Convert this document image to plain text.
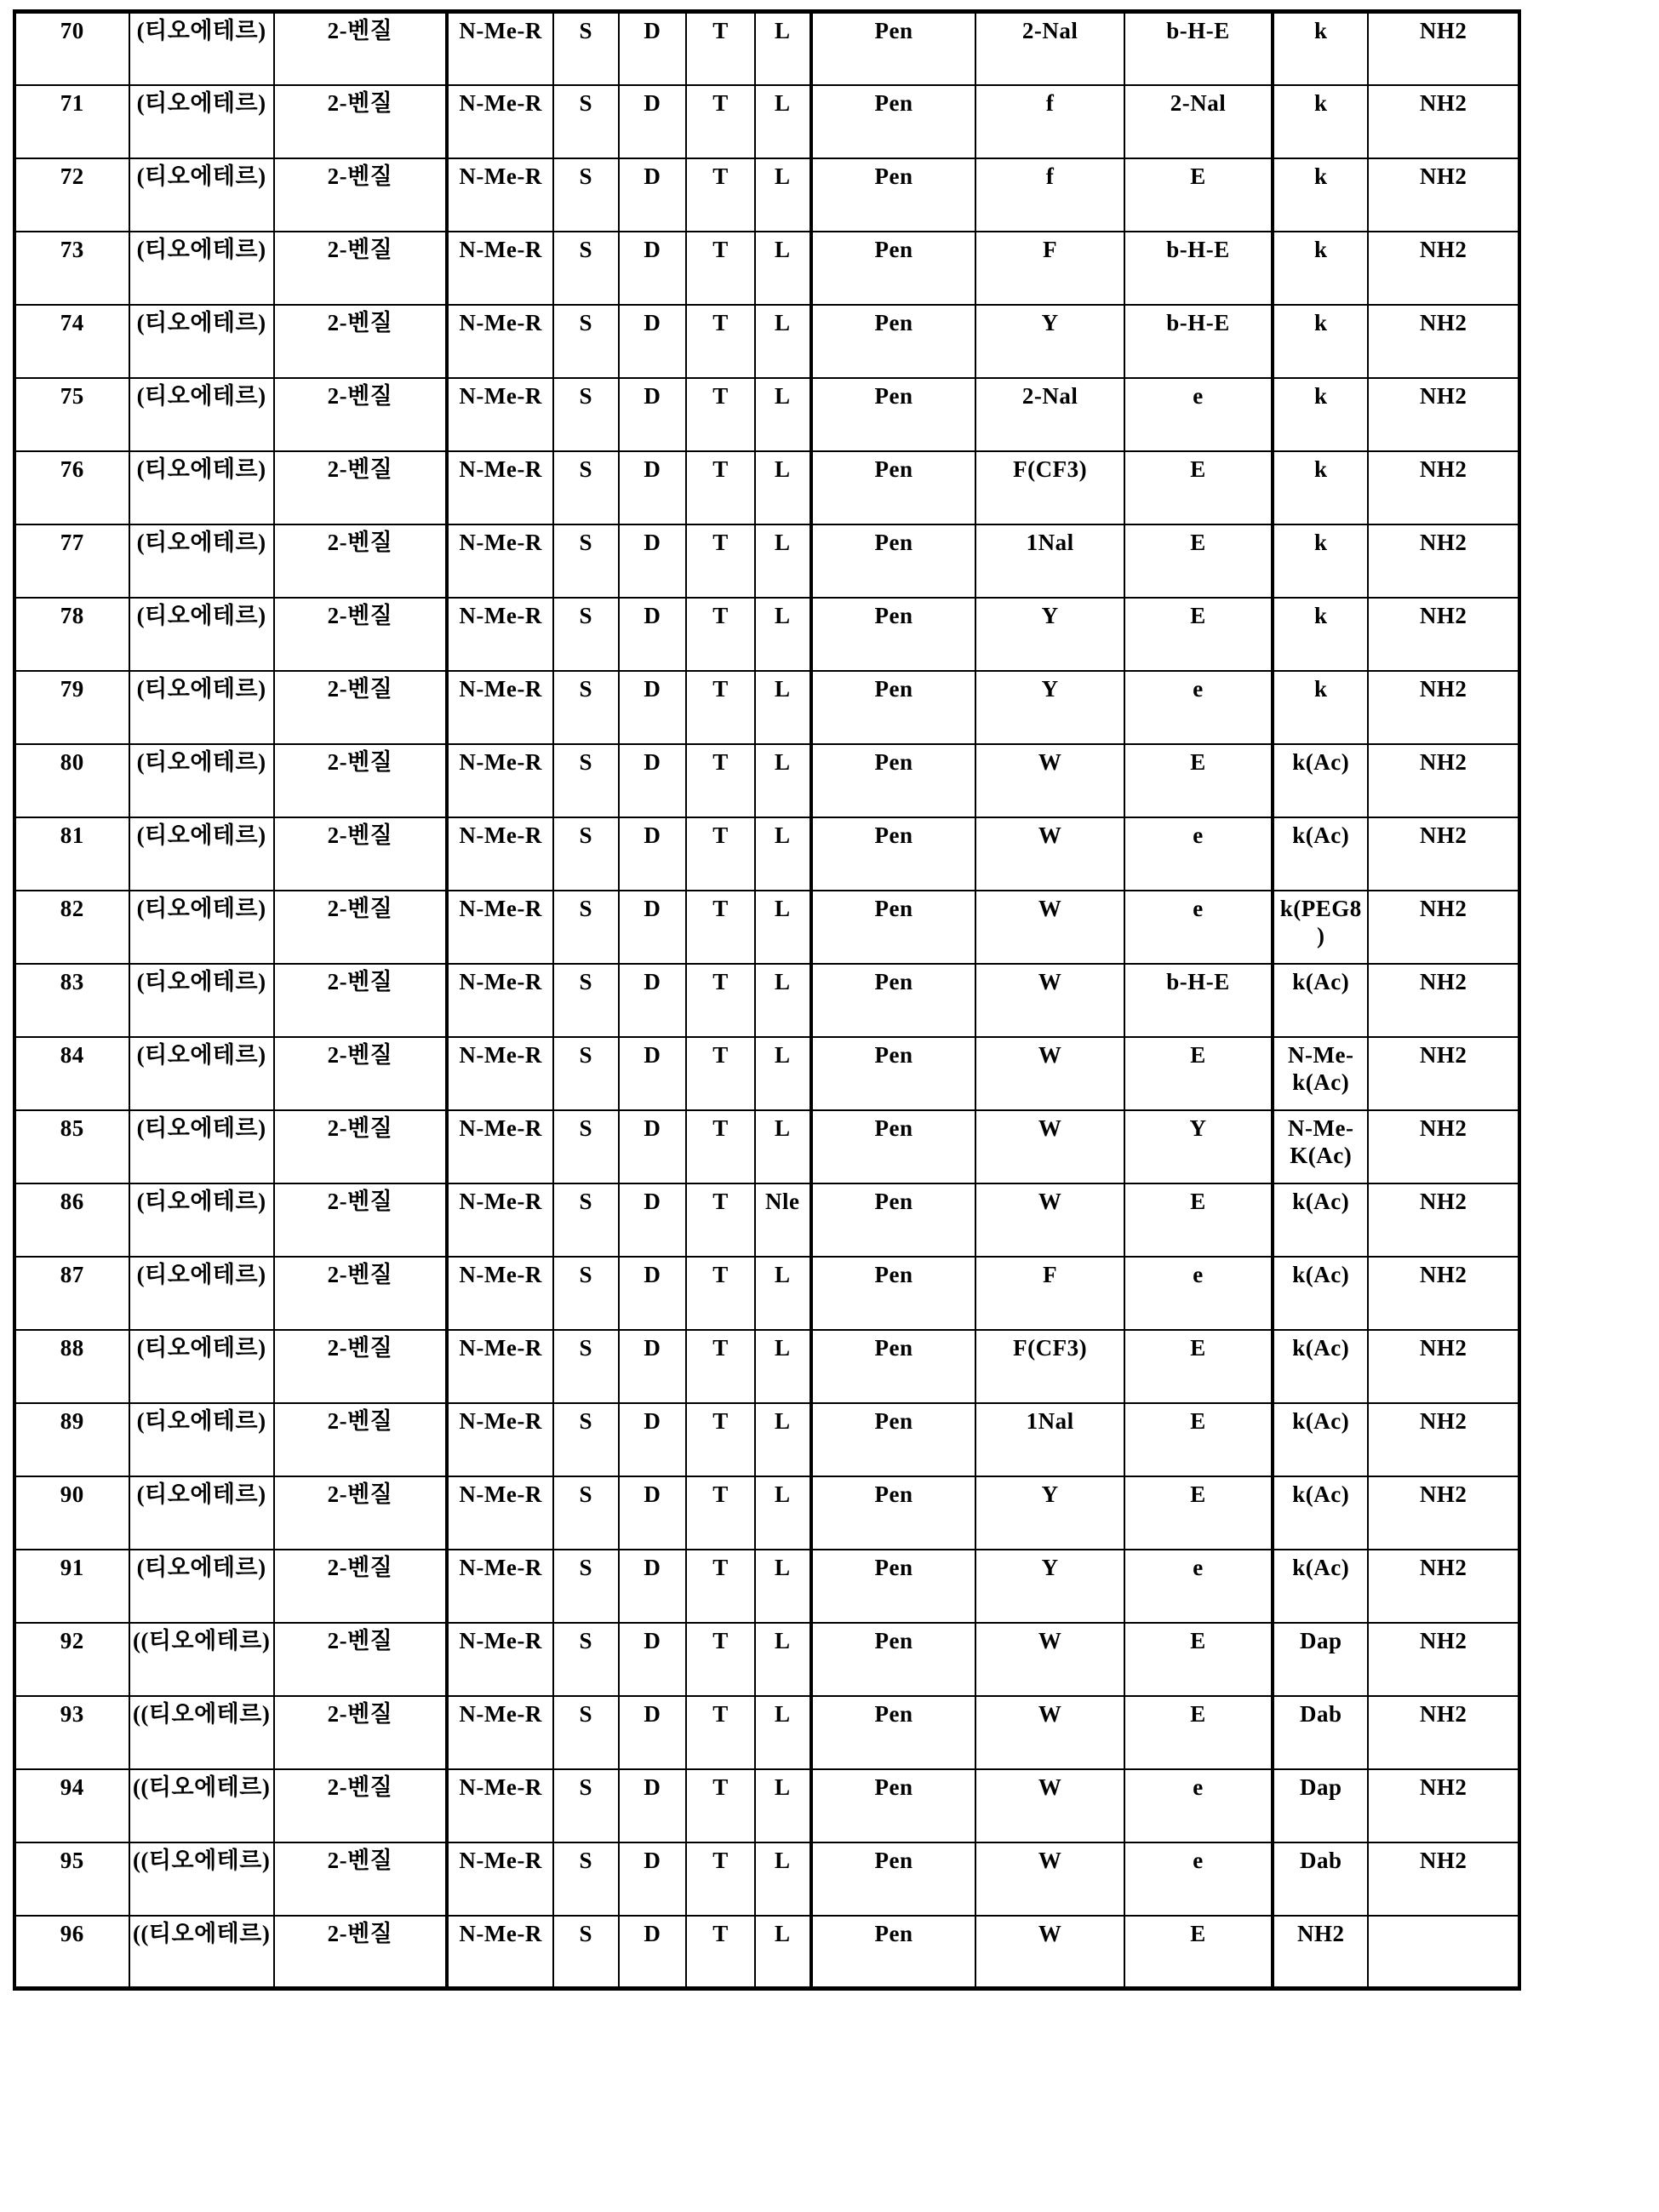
70	(티오에테르)	2-벤질	N-Me-R	S	D	T	L	Pen	2-Nal	b-H-E	k	NH2
71	(티오에테르)	2-벤질	N-Me-R	S	D	T	L	Pen	f	2-Nal	k	NH2
72	(티오에테르)	2-벤질	N-Me-R	S	D	T	L	Pen	f	E	k	NH2
73	(티오에테르)	2-벤질	N-Me-R	S	D	T	L	Pen	F	b-H-E	k	NH2
74	(티오에테르)	2-벤질	N-Me-R	S	D	T	L	Pen	Y	b-H-E	k	NH2
75	(티오에테르)	2-벤질	N-Me-R	S	D	T	L	Pen	2-Nal	e	k	NH2
76	(티오에테르)	2-벤질	N-Me-R	S	D	T	L	Pen	F(CF3)	E	k	NH2
77	(티오에테르)	2-벤질	N-Me-R	S	D	T	L	Pen	1Nal	E	k	NH2
78	(티오에테르)	2-벤질	N-Me-R	S	D	T	L	Pen	Y	E	k	NH2
79	(티오에테르)	2-벤질	N-Me-R	S	D	T	L	Pen	Y	e	k	NH2
80	(티오에테르)	2-벤질	N-Me-R	S	D	T	L	Pen	W	E	k(Ac)	NH2
81	(티오에테르)	2-벤질	N-Me-R	S	D	T	L	Pen	W	e	k(Ac)	NH2
82	(티오에테르)	2-벤질	N-Me-R	S	D	T	L	Pen	W	e	k(PEG8)	NH2
83	(티오에테르)	2-벤질	N-Me-R	S	D	T	L	Pen	W	b-H-E	k(Ac)	NH2
84	(티오에테르)	2-벤질	N-Me-R	S	D	T	L	Pen	W	E	N-Me-k(Ac)	NH2
85	(티오에테르)	2-벤질	N-Me-R	S	D	T	L	Pen	W	Y	N-Me-K(Ac)	NH2
86	(티오에테르)	2-벤질	N-Me-R	S	D	T	Nle	Pen	W	E	k(Ac)	NH2
87	(티오에테르)	2-벤질	N-Me-R	S	D	T	L	Pen	F	e	k(Ac)	NH2
88	(티오에테르)	2-벤질	N-Me-R	S	D	T	L	Pen	F(CF3)	E	k(Ac)	NH2
89	(티오에테르)	2-벤질	N-Me-R	S	D	T	L	Pen	1Nal	E	k(Ac)	NH2
90	(티오에테르)	2-벤질	N-Me-R	S	D	T	L	Pen	Y	E	k(Ac)	NH2
91	(티오에테르)	2-벤질	N-Me-R	S	D	T	L	Pen	Y	e	k(Ac)	NH2
92	((티오에테르)	2-벤질	N-Me-R	S	D	T	L	Pen	W	E	Dap	NH2
93	((티오에테르)	2-벤질	N-Me-R	S	D	T	L	Pen	W	E	Dab	NH2
94	((티오에테르)	2-벤질	N-Me-R	S	D	T	L	Pen	W	e	Dap	NH2
95	((티오에테르)	2-벤질	N-Me-R	S	D	T	L	Pen	W	e	Dab	NH2
96	((티오에테르)	2-벤질	N-Me-R	S	D	T	L	Pen	W	E	NH2	
